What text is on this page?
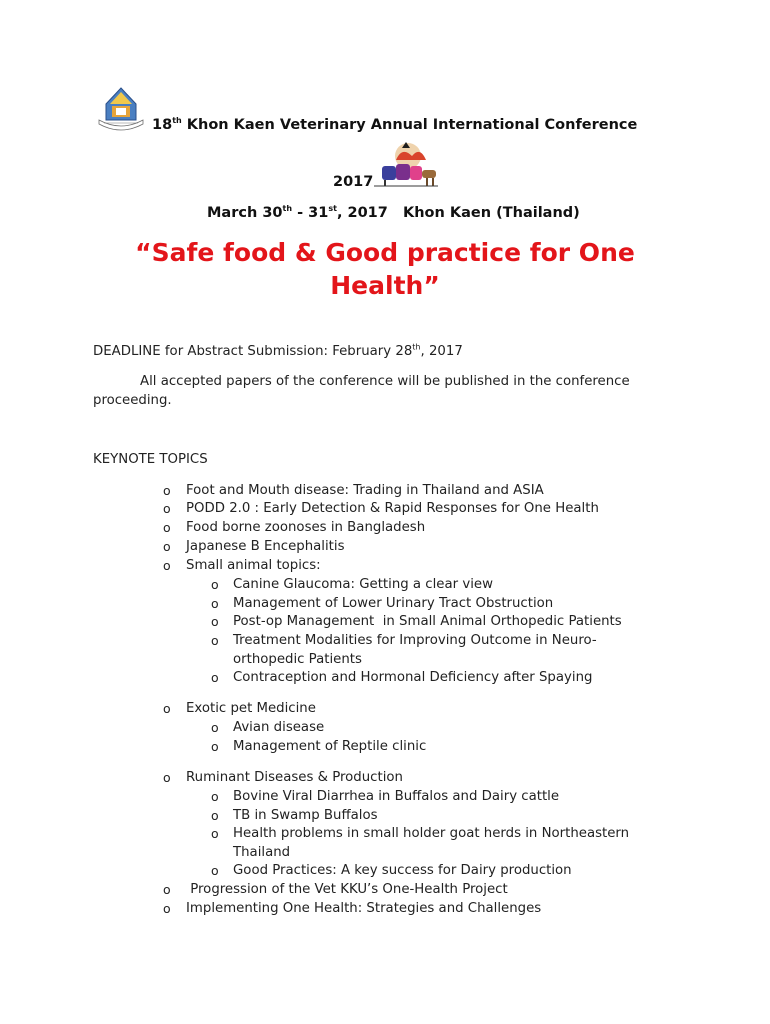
18th Khon Kaen Veterinary Annual International Conference
2017
March 30th - 31st, 2017   Khon Kaen (Thailand)
“Safe food & Good practice for One
Health”
DEADLINE for Abstract Submission: February 28th, 2017
All accepted papers of the conference will be published in the conference
proceeding.
KEYNOTE TOPICS
o Foot and Mouth disease: Trading in Thailand and ASIA
o PODD 2.0 : Early Detection & Rapid Responses for One Health
o Food borne zoonoses in Bangladesh
o Japanese B Encephalitis
o Small animal topics:
o Canine Glaucoma: Getting a clear view
o Management of Lower Urinary Tract Obstruction
o Post-op Management  in Small Animal Orthopedic Patients
o Treatment Modalities for Improving Outcome in Neuro-
orthopedic Patients
o Contraception and Hormonal Deficiency after Spaying
o Exotic pet Medicine
o Avian disease
o Management of Reptile clinic
o Ruminant Diseases & Production
o Bovine Viral Diarrhea in Buffalos and Dairy cattle
o TB in Swamp Buffalos
o Health problems in small holder goat herds in Northeastern
Thailand
o Good Practices: A key success for Dairy production
o Progression of the Vet KKU’s One-Health Project
o Implementing One Health: Strategies and Challenges
